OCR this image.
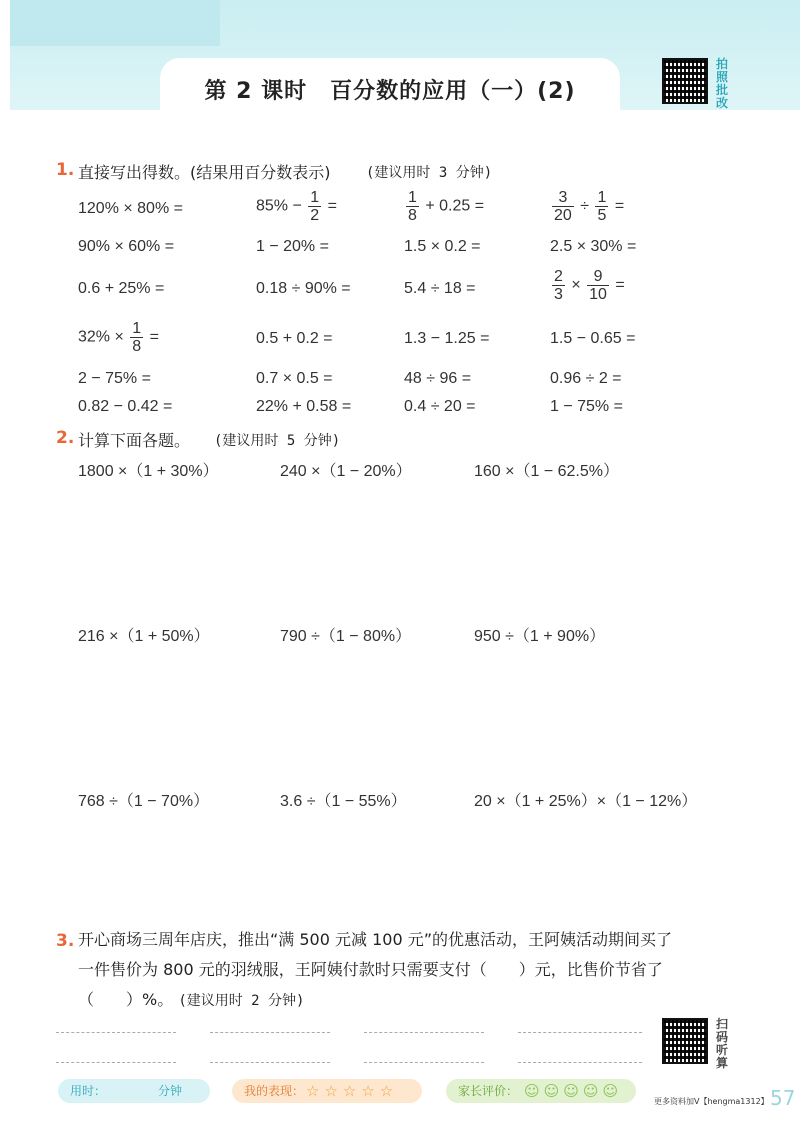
第 2 课时　百分数的应用（一）(2)
拍
照
批
改
1. 直接写出得数。(结果用百分数表示)	(建议用时 3 分钟)
120% × 80% =	$85\% - \frac{1}{2}$ =	$\frac{1}{8} + 0.25$ =	$\frac{3}{20} \div \frac{1}{5}$ =
90% × 60% =	1 − 20% =	1.5 × 0.2 =	2.5 × 30% =
0.6 + 25% =	0.18 ÷ 90% =	5.4 ÷ 18 =	$\frac{2}{3} \times \frac{9}{10}$ =
$32\% \times \frac{1}{8}$ =	0.5 + 0.2 =	1.3 − 1.25 =	1.5 − 0.65 =
2 − 75% =	0.7 × 0.5 =	48 ÷ 96 =	0.96 ÷ 2 =
0.82 − 0.42 =	22% + 0.58 =	0.4 ÷ 20 =	1 − 75% =
2. 计算下面各题。 (建议用时 5 分钟)
1800 ×（1 + 30%）	240 ×（1 − 20%）	160 ×（1 − 62.5%）
216 ×（1 + 50%）	790 ÷（1 − 80%）	950 ÷（1 + 90%）
768 ÷（1 − 70%）	3.6 ÷（1 − 55%）	20 ×（1 + 25%）×（1 − 12%）
3. 开心商场三周年店庆，推出“满 500 元减 100 元”的优惠活动，王阿姨活动期间买了
一件售价为 800 元的羽绒服，王阿姨付款时只需要支付（　　）元，比售价节省了
（　　）%。 (建议用时 2 分钟)
扫
码
听
算
用时：	分钟	我的表现： ☆☆☆☆☆	家长评价： ☺☺☺☺☺
更多资料加V【hengma1312】 57
